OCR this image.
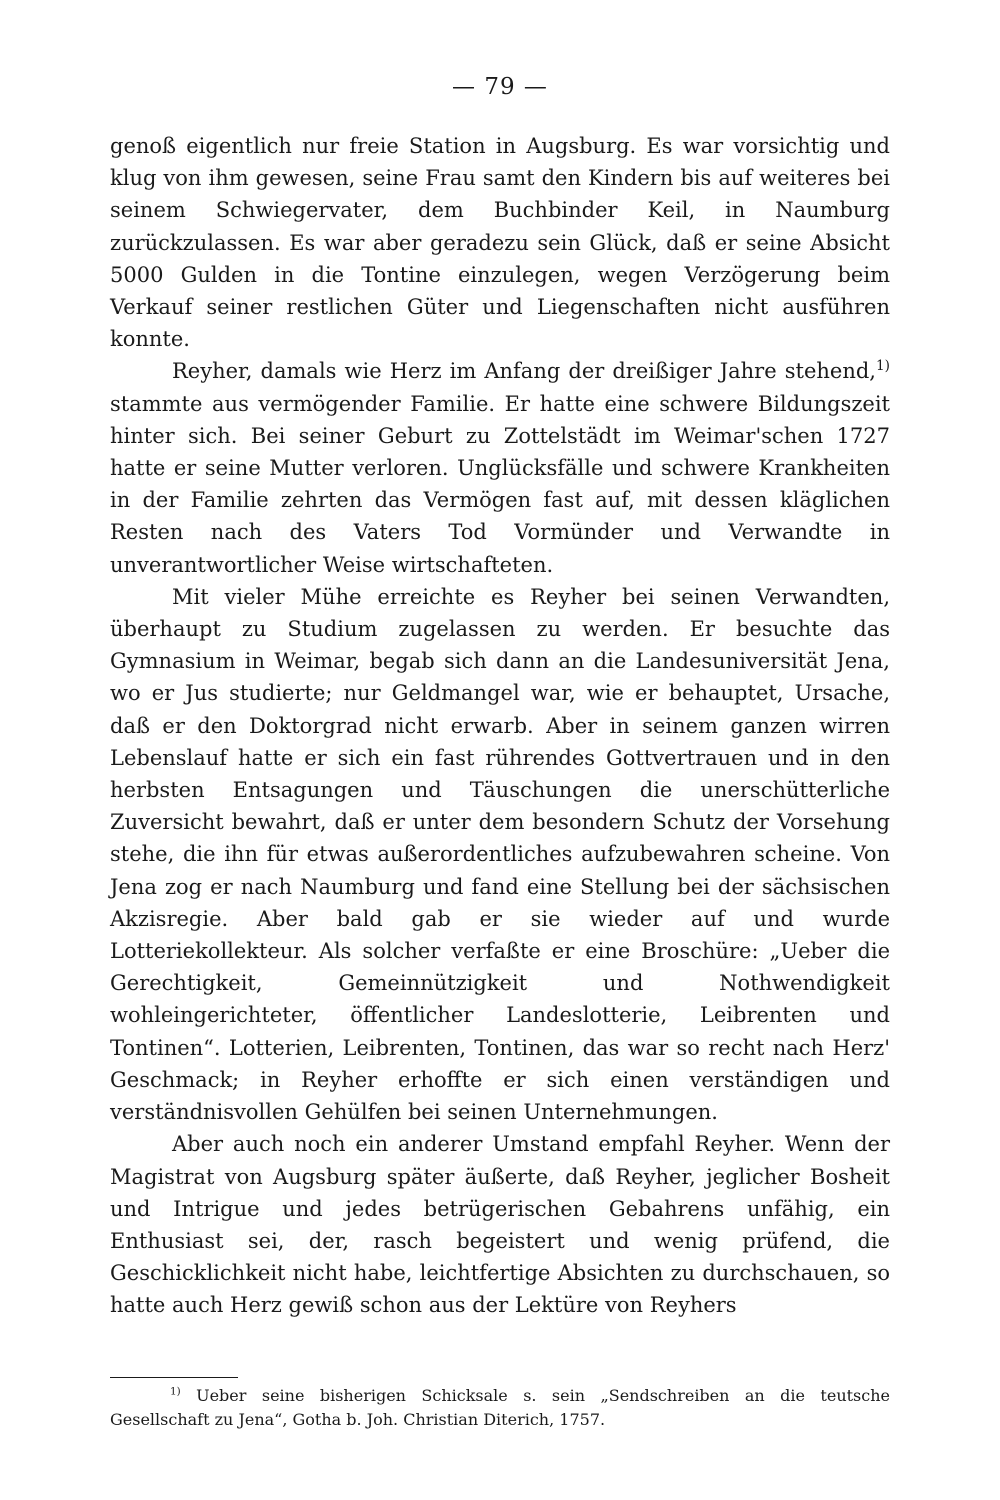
— 79 —

genoß eigentlich nur freie Station in Augsburg. Es war vorsichtig und klug von ihm gewesen, seine Frau samt den Kindern bis auf weiteres bei seinem Schwiegervater, dem Buchbinder Keil, in Naumburg zurückzulassen. Es war aber geradezu sein Glück, daß er seine Absicht 5000 Gulden in die Tontine einzulegen, wegen Verzögerung beim Verkauf seiner restlichen Güter und Liegenschaften nicht ausführen konnte.

Reyher, damals wie Herz im Anfang der dreißiger Jahre stehend,$^{1)}$ stammte aus vermögender Familie. Er hatte eine schwere Bildungszeit hinter sich. Bei seiner Geburt zu Zottelstädt im Weimar'schen 1727 hatte er seine Mutter verloren. Unglücksfälle und schwere Krankheiten in der Familie zehrten das Vermögen fast auf, mit dessen kläglichen Resten nach des Vaters Tod Vormünder und Verwandte in unverantwortlicher Weise wirtschafteten.

Mit vieler Mühe erreichte es Reyher bei seinen Verwandten, überhaupt zu Studium zugelassen zu werden. Er besuchte das Gymnasium in Weimar, begab sich dann an die Landesuniversität Jena, wo er Jus studierte; nur Geldmangel war, wie er behauptet, Ursache, daß er den Doktorgrad nicht erwarb. Aber in seinem ganzen wirren Lebenslauf hatte er sich ein fast rührendes Gottvertrauen und in den herbsten Entsagungen und Täuschungen die unerschütterliche Zuversicht bewahrt, daß er unter dem besondern Schutz der Vorsehung stehe, die ihn für etwas außerordentliches aufzubewahren scheine. Von Jena zog er nach Naumburg und fand eine Stellung bei der sächsischen Akzisregie. Aber bald gab er sie wieder auf und wurde Lotteriekollekteur. Als solcher verfaßte er eine Broschüre: „Ueber die Gerechtigkeit, Gemeinnützigkeit und Nothwendigkeit wohleingerichteter, öffentlicher Landeslotterie, Leibrenten und Tontinen“. Lotterien, Leibrenten, Tontinen, das war so recht nach Herz' Geschmack; in Reyher erhoffte er sich einen verständigen und verständnisvollen Gehülfen bei seinen Unternehmungen.

Aber auch noch ein anderer Umstand empfahl Reyher. Wenn der Magistrat von Augsburg später äußerte, daß Reyher, jeglicher Bosheit und Intrigue und jedes betrügerischen Gebahrens unfähig, ein Enthusiast sei, der, rasch begeistert und wenig prüfend, die Geschicklichkeit nicht habe, leichtfertige Absichten zu durchschauen, so hatte auch Herz gewiß schon aus der Lektüre von Reyhers

$^{1)}$ Ueber seine bisherigen Schicksale s. sein „Sendschreiben an die teutsche Gesellschaft zu Jena“, Gotha b. Joh. Christian Diterich, 1757.
